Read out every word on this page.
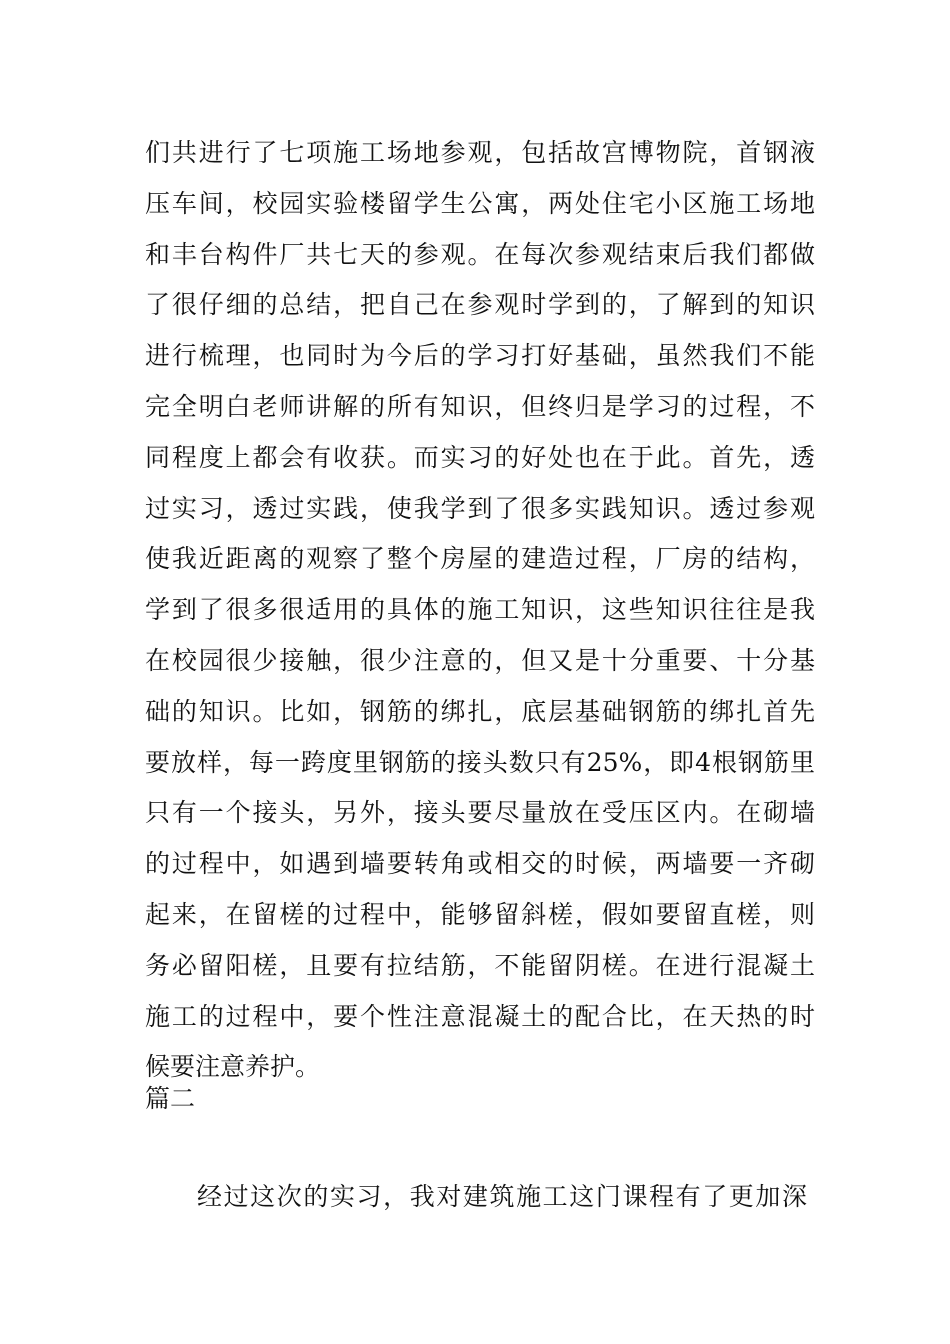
们共进行了七项施工场地参观，包括故宫博物院，首钢液
压车间，校园实验楼留学生公寓，两处住宅小区施工场地
和丰台构件厂共七天的参观。在每次参观结束后我们都做
了很仔细的总结，把自己在参观时学到的，了解到的知识
进行梳理，也同时为今后的学习打好基础，虽然我们不能
完全明白老师讲解的所有知识，但终归是学习的过程，不
同程度上都会有收获。而实习的好处也在于此。首先，透
过实习，透过实践，使我学到了很多实践知识。透过参观
使我近距离的观察了整个房屋的建造过程，厂房的结构，
学到了很多很适用的具体的施工知识，这些知识往往是我
在校园很少接触，很少注意的，但又是十分重要、十分基
础的知识。比如，钢筋的绑扎，底层基础钢筋的绑扎首先
要放样，每一跨度里钢筋的接头数只有25%，即4根钢筋里
只有一个接头，另外，接头要尽量放在受压区内。在砌墙
的过程中，如遇到墙要转角或相交的时候，两墙要一齐砌
起来，在留槎的过程中，能够留斜槎，假如要留直槎，则
务必留阳槎，且要有拉结筋，不能留阴槎。在进行混凝土
施工的过程中，要个性注意混凝土的配合比，在天热的时
候要注意养护。
篇二

经过这次的实习，我对建筑施工这门课程有了更加深
